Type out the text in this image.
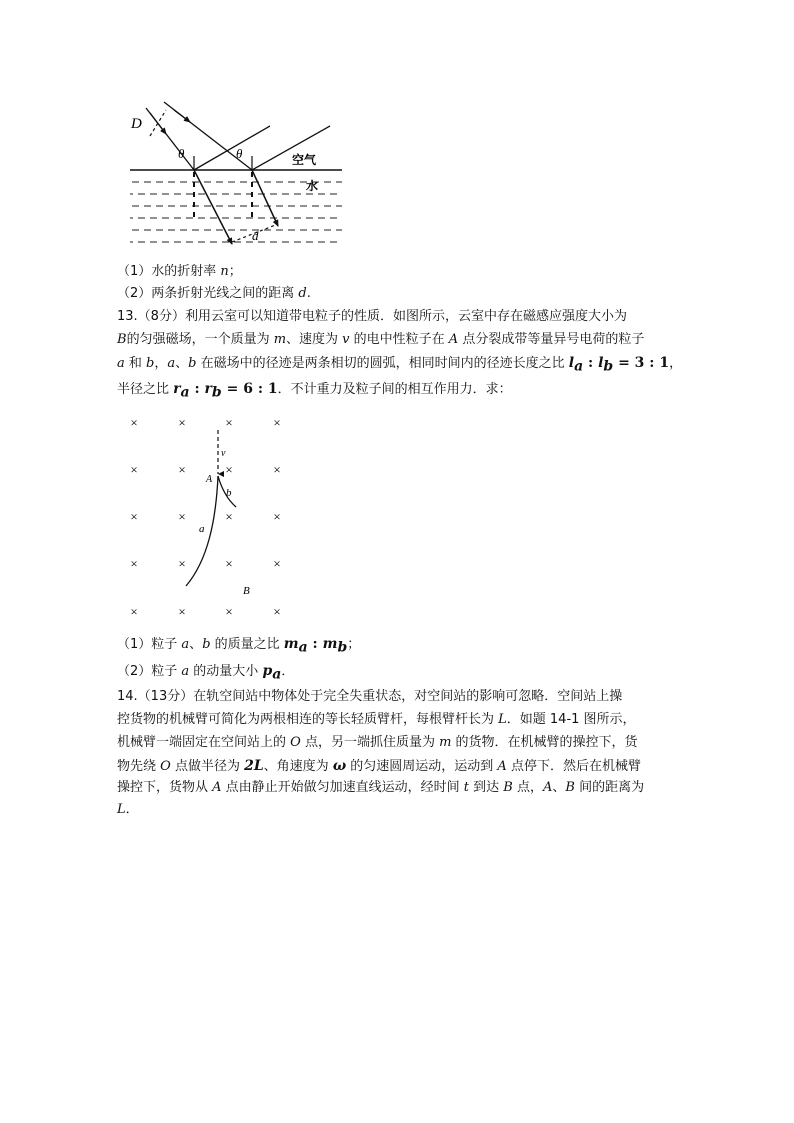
D
θ	θ
d
空气
水
（1）水的折射率 n；
（2）两条折射光线之间的距离 d.
13.（8分）利用云室可以知道带电粒子的性质．如图所示，云室中存在磁感应强度大小为
B的匀强磁场，一个质量为 m、速度为 v 的电中性粒子在 A 点分裂成带等量异号电荷的粒子
a 和 b，a、b 在磁场中的径迹是两条相切的圆弧，相同时间内的径迹长度之比 $l_a$ : $l_b = 3$ : 1，
半径之比 $r_a$ : $r_b = 6$ : 1．不计重力及粒子间的相互作用力．求：
×	×	×	×
×	×	×	×
×	×	×	×
×	×	×	×
×	×	×	×
v
A
b
a
B
（1）粒子 a、b 的质量之比 $m_a$ : $m_b$；
（2）粒子 a 的动量大小 $p_a$．
14.（13分）在轨空间站中物体处于完全失重状态，对空间站的影响可忽略．空间站上操
控货物的机械臂可简化为两根相连的等长轻质臂杆，每根臂杆长为 L．如题 14-1 图所示，
机械臂一端固定在空间站上的 O 点，另一端抓住质量为 m 的货物．在机械臂的操控下，货
物先绕 O 点做半径为 2L、角速度为 ω 的匀速圆周运动，运动到 A 点停下．然后在机械臂
操控下，货物从 A 点由静止开始做匀加速直线运动，经时间 t 到达 B 点，A、B 间的距离为
L．
